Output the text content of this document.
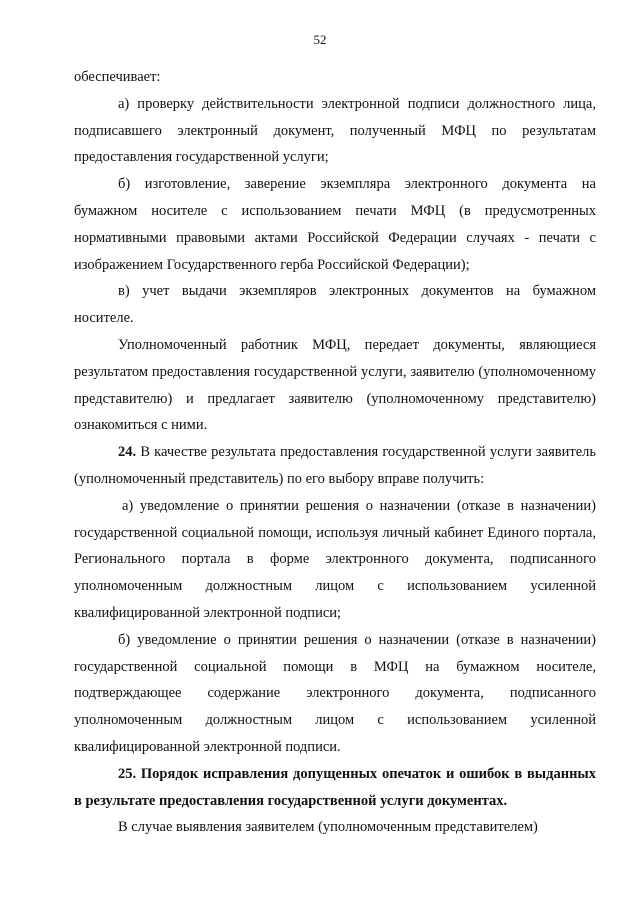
52

обеспечивает:

а) проверку действительности электронной подписи должностного лица, подписавшего электронный документ, полученный МФЦ по результатам предоставления государственной услуги;

б) изготовление, заверение экземпляра электронного документа на бумажном носителе с использованием печати МФЦ (в предусмотренных нормативными правовыми актами Российской Федерации случаях - печати с изображением Государственного герба Российской Федерации);

в) учет выдачи экземпляров электронных документов на бумажном носителе.

Уполномоченный работник МФЦ, передает документы, являющиеся результатом предоставления государственной услуги, заявителю (уполномоченному представителю) и предлагает заявителю (уполномоченному представителю) ознакомиться с ними.

24. В качестве результата предоставления государственной услуги заявитель (уполномоченный представитель) по его выбору вправе получить:

а) уведомление о принятии решения о назначении (отказе в назначении) государственной социальной помощи, используя личный кабинет Единого портала, Регионального портала в форме электронного документа, подписанного уполномоченным должностным лицом с использованием усиленной квалифицированной электронной подписи;

б) уведомление о принятии решения о назначении (отказе в назначении) государственной социальной помощи в МФЦ на бумажном носителе, подтверждающее содержание электронного документа, подписанного уполномоченным должностным лицом с использованием усиленной квалифицированной электронной подписи.

25. Порядок исправления допущенных опечаток и ошибок в выданных в результате предоставления государственной услуги документах.

В случае выявления заявителем (уполномоченным представителем)
